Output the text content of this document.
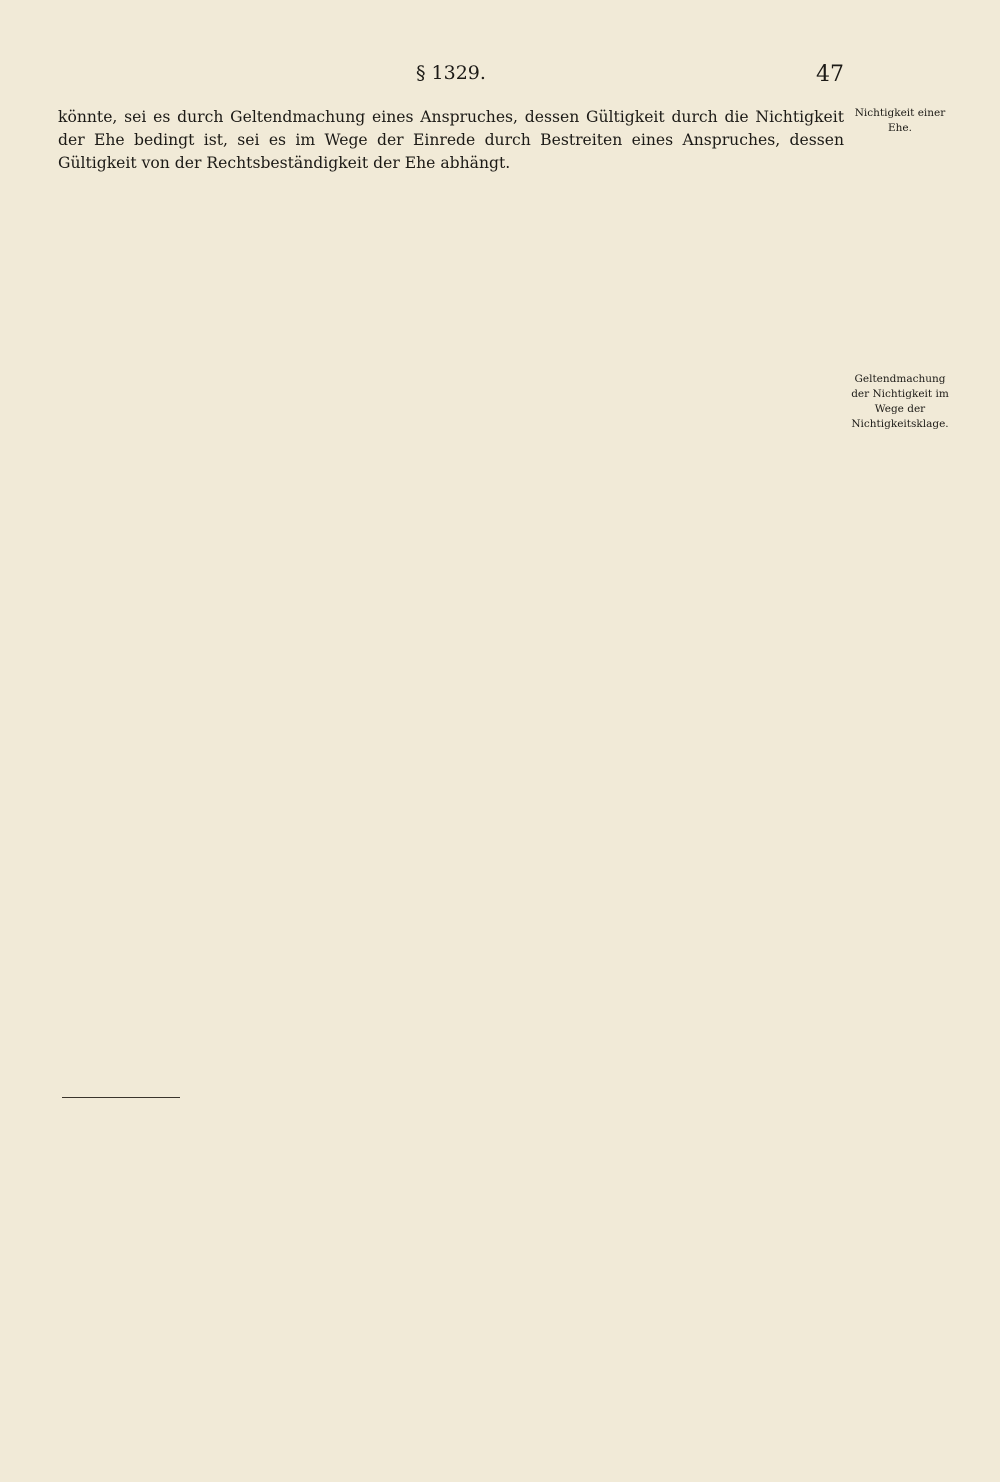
§ 1329.	47

könnte, sei es durch Geltendmachung eines Anspruches, dessen Gültigkeit durch die Nichtigkeit der Ehe bedingt ist, sei es im Wege der Einrede durch Bestreiten eines Anspruches, dessen Gültigkeit von der Rechtsbeständigkeit der Ehe abhängt.

Nichtigkeit einer Ehe.
Geltendmachung der Nichtigkeit im Wege der Nichtigkeitsklage.
